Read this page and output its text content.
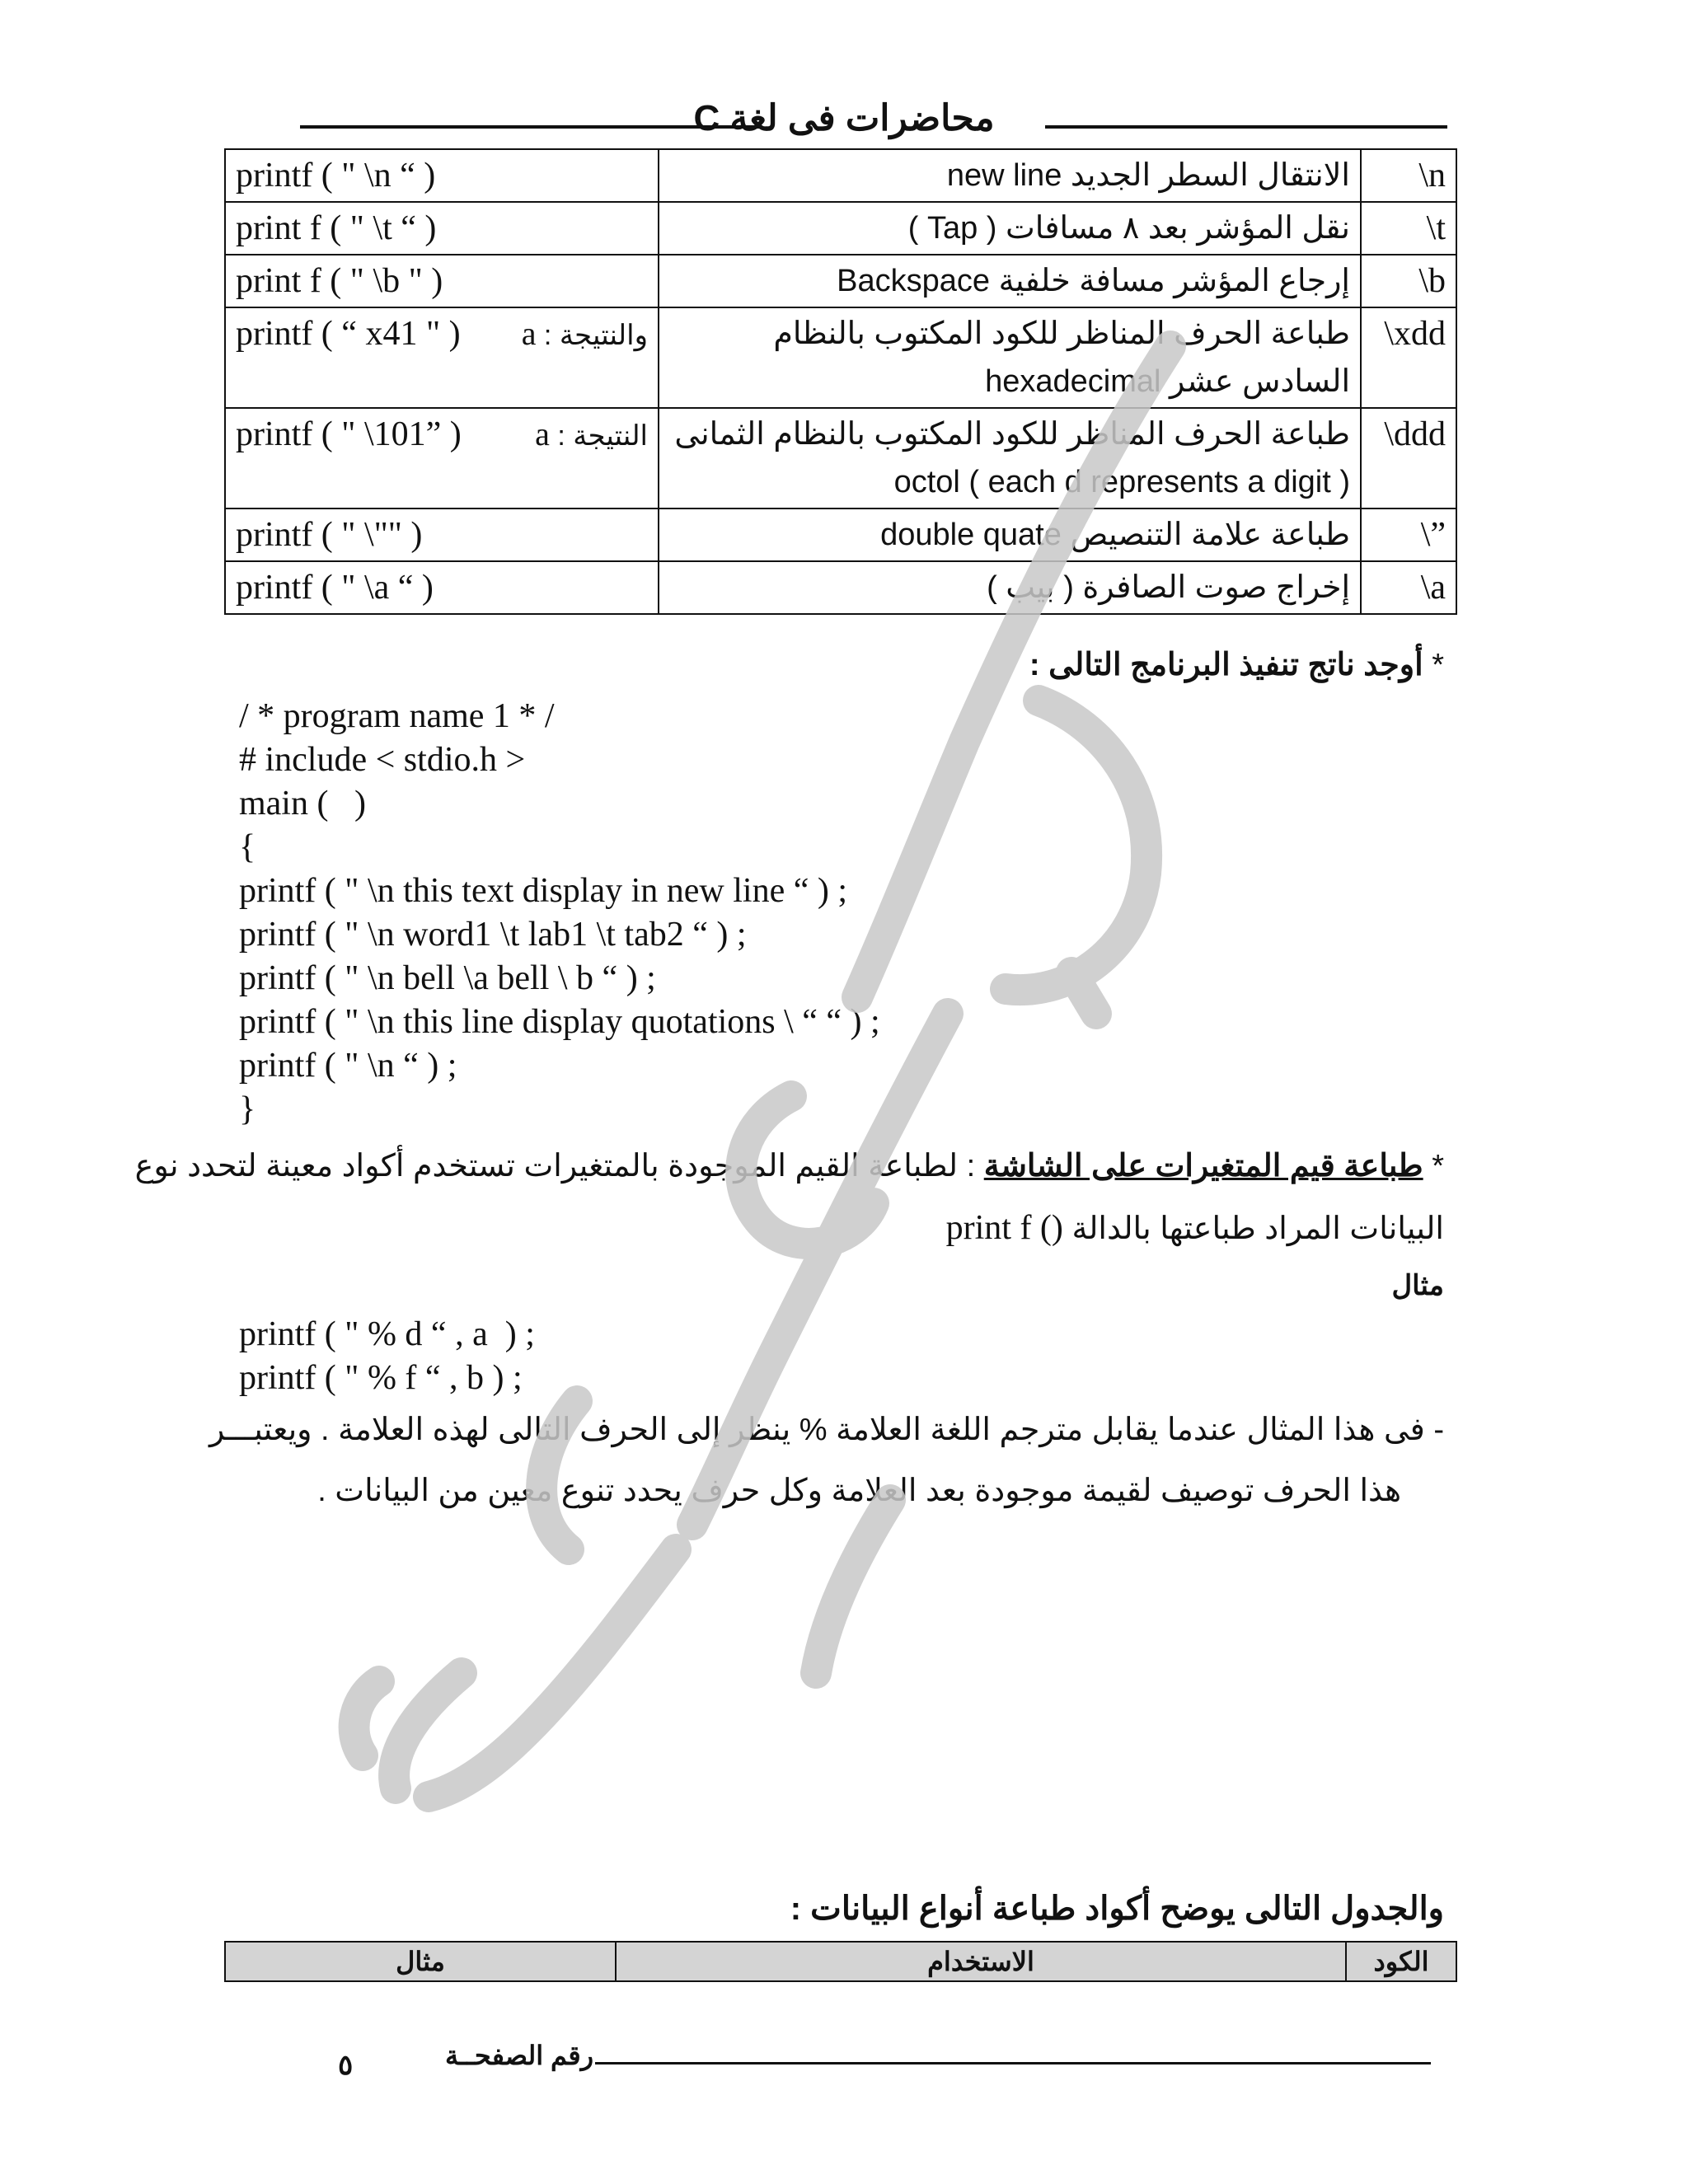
محاضرات فى لغة C
printf ( " \n “ )	الانتقال السطر الجديد new line	\n
print f ( " \t “ )	نقل المؤشر بعد ٨ مسافات ( Tap )	\t
print f ( " \b " )	إرجاع المؤشر مسافة خلفية Backspace	\b
printf ( “ x41 " ) والنتيجة : a	طباعة الحرف المناظر للكود المكتوب بالنظام السادس عشر hexadecimal	\xdd
printf ( " \101” ) النتيجة : a	طباعة الحرف المناظر للكود المكتوب بالنظام الثمانى octol ( each d represents a digit )	\ddd
printf ( " \"" )	طباعة علامة التنصيص double quate	\”
printf ( " \a “ )	إخراج صوت الصافرة ( بيب )	\a
* أوجد ناتج تنفيذ البرنامج التالى :
/ * program name 1 * /
# include < stdio.h >
main (   )
{
printf ( " \n this text display in new line “ ) ;
printf ( " \n word1 \t lab1 \t tab2 “ ) ;
printf ( " \n bell \a bell \ b “ ) ;
printf ( " \n this line display quotations \ “ “ ) ;
printf ( " \n “ ) ;
}
* طباعة قيم المتغيرات على الشاشة : لطباعة القيم الموجودة بالمتغيرات تستخدم أكواد معينة لتحدد نوع
البيانات المراد طباعتها بالدالة print f ()
مثال
printf ( " % d “ , a  ) ;
printf ( " % f “ , b ) ;
- فى هذا المثال عندما يقابل مترجم اللغة العلامة % ينظر إلى الحرف التالى لهذه العلامة . ويعتبـــر
هذا الحرف توصيف لقيمة موجودة بعد العلامة وكل حرف يحدد تنوع معين من البيانات .
والجدول التالى يوضح أكواد طباعة أنواع البيانات :
مثال	الاستخدام	الكود
رقم الصفحــة
٥
